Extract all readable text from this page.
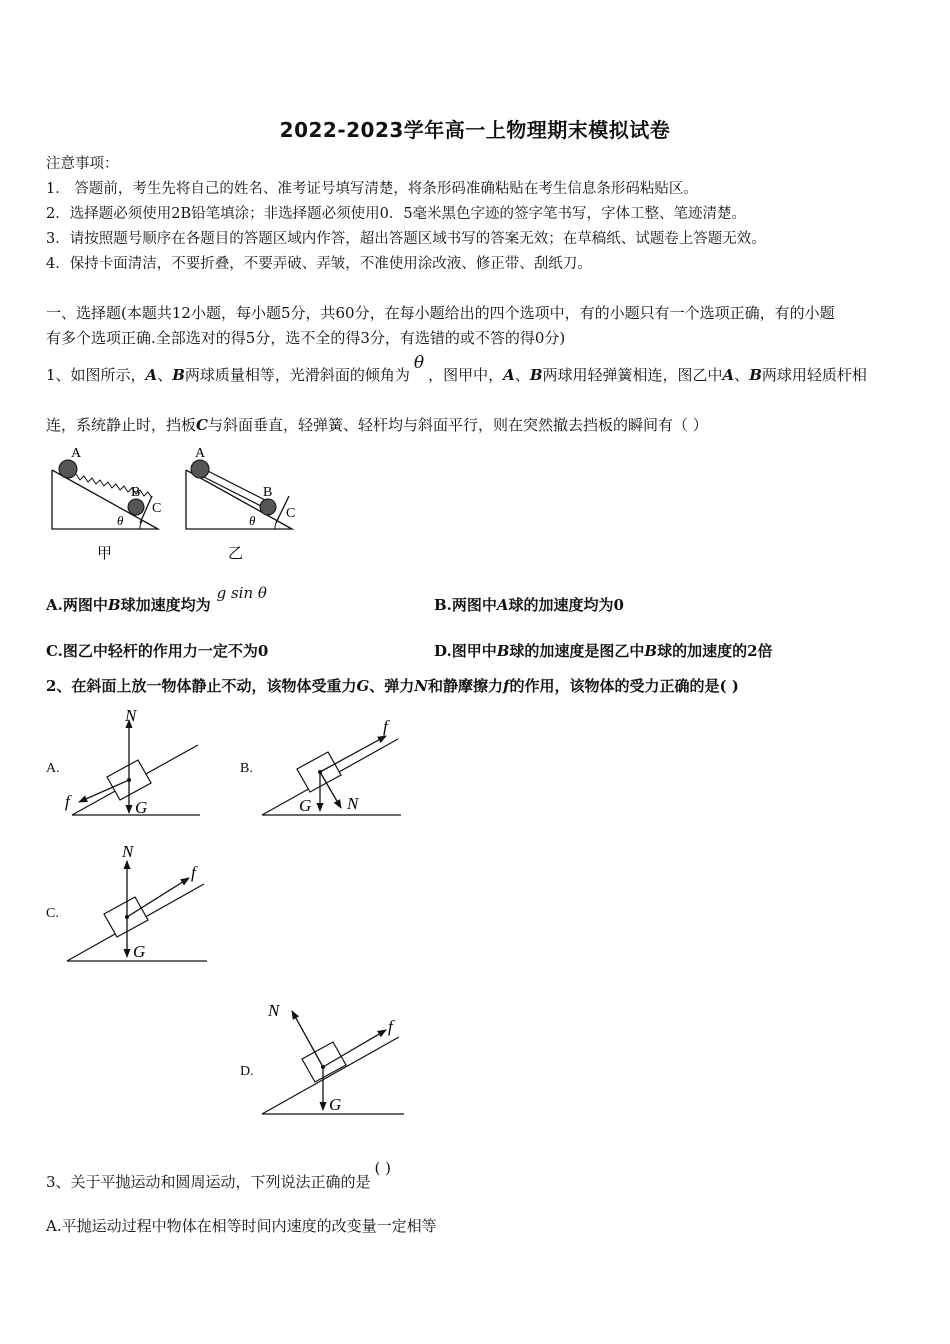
2022-2023学年高一上物理期末模拟试卷
注意事项：
1． 答题前，考生先将自己的姓名、准考证号填写清楚，将条形码准确粘贴在考生信息条形码粘贴区。
2．选择题必须使用2B铅笔填涂；非选择题必须使用0．5毫米黑色字迹的签字笔书写，字体工整、笔迹清楚。
3．请按照题号顺序在各题目的答题区域内作答，超出答题区域书写的答案无效；在草稿纸、试题卷上答题无效。
4．保持卡面清洁，不要折叠，不要弄破、弄皱，不准使用涂改液、修正带、刮纸刀。
一、选择题(本题共12小题，每小题5分，共60分，在每小题给出的四个选项中，有的小题只有一个选项正确，有的小题
有多个选项正确.全部选对的得5分，选不全的得3分，有选错的或不答的得0分)
1、如图所示，A、B两球质量相等，光滑斜面的倾角为θ，图甲中，A、B两球用轻弹簧相连，图乙中A、B两球用轻质杆相
连，系统静止时，挡板C与斜面垂直，轻弹簧、轻杆均与斜面平行，则在突然撤去挡板的瞬间有（ ）
A
B
C
θ
甲
A
B
C
θ
乙
A.两图中B球加速度均为g sin θ
B.两图中A球的加速度均为0
C.图乙中轻杆的作用力一定不为0	D.图甲中B球的加速度是图乙中B球的加速度的2倍
2、在斜面上放一物体静止不动，该物体受重力G、弹力N和静摩擦力f的作用，该物体的受力正确的是( )
A.
N
G
f
B.
f
G N
C.
N
G
f
D.
N
G
f
3、关于平抛运动和圆周运动，下列说法正确的是( )
A.平抛运动过程中物体在相等时间内速度的改变量一定相等
